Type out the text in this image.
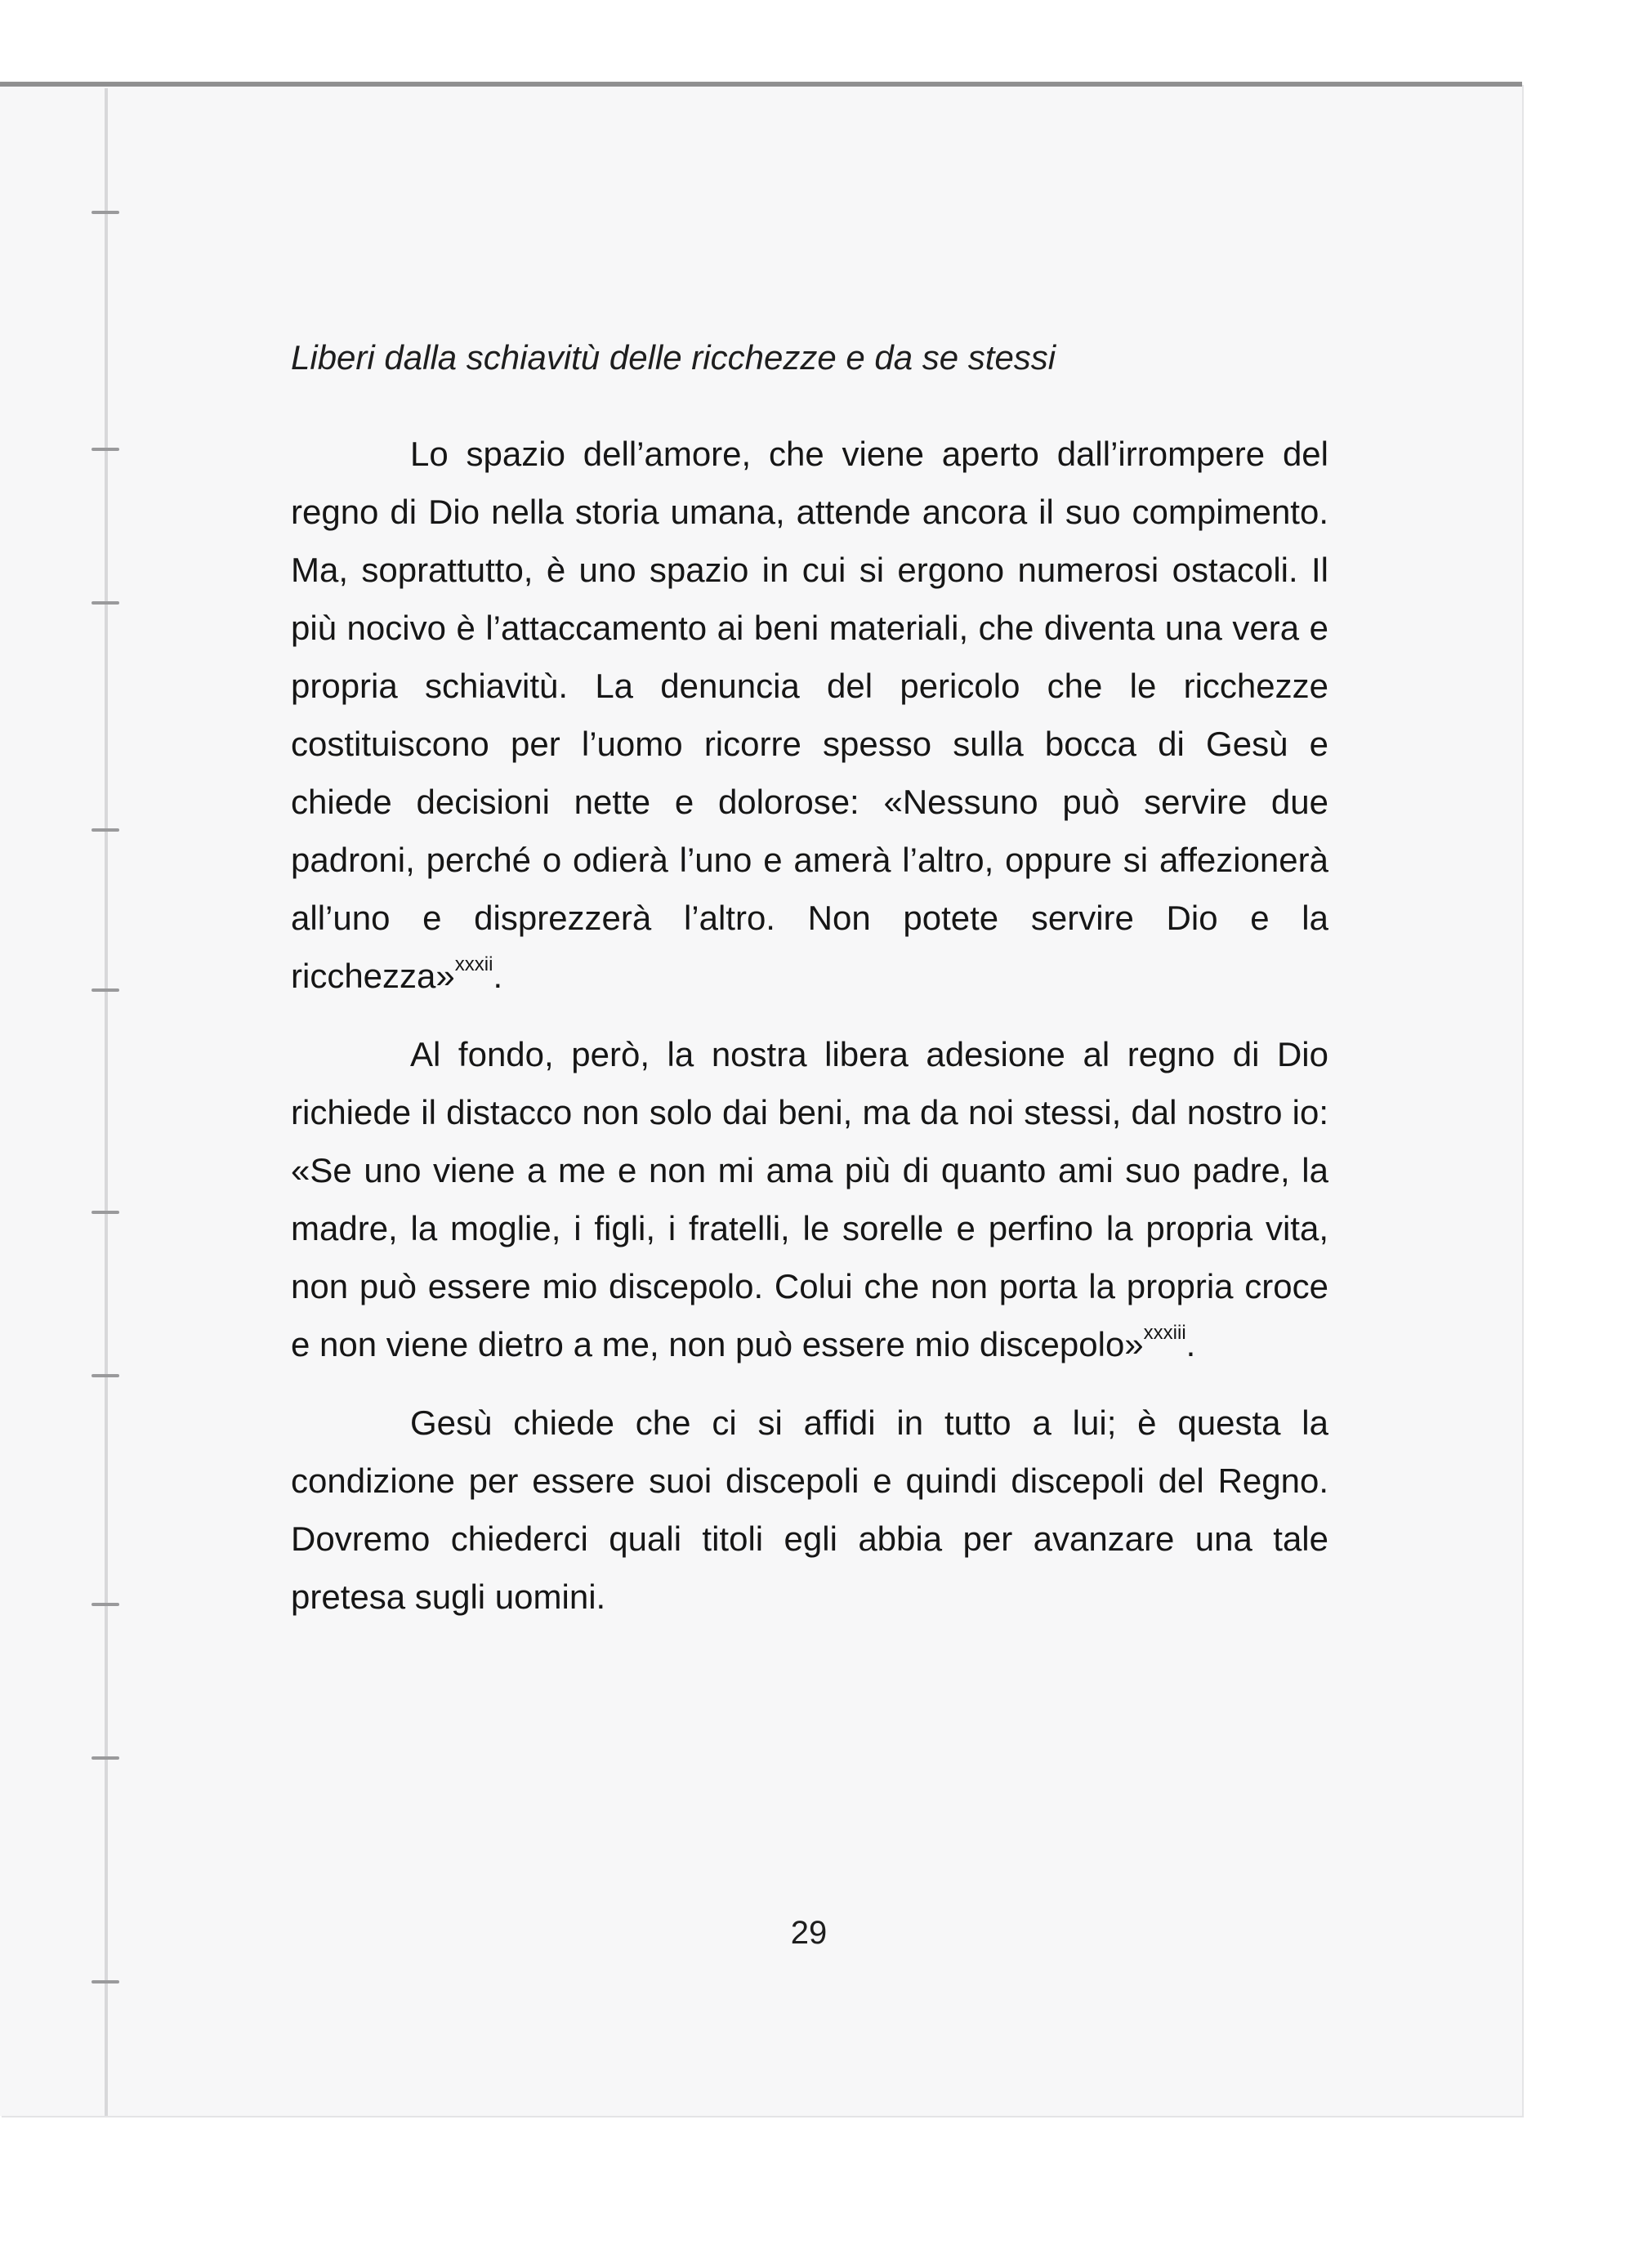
Liberi dalla schiavitù delle ricchezze e da se stessi

Lo spazio dell’amore, che viene aperto dall’irrompere del regno di Dio nella storia umana, attende ancora il suo compimento. Ma, soprattutto, è uno spazio in cui si ergono numerosi ostacoli. Il più nocivo è l’attaccamento ai beni materiali, che diventa una vera e propria schiavitù. La denuncia del pericolo che le ricchezze costituiscono per l’uomo ricorre spesso sulla bocca di Gesù e chiede decisioni nette e dolorose: «Nessuno può servire due padroni, perché o odierà l’uno e amerà l’altro, oppure si affezionerà all’uno e disprezzerà l’altro. Non potete servire Dio e la ricchezza»$^{xxxii}$.

Al fondo, però, la nostra libera adesione al regno di Dio richiede il distacco non solo dai beni, ma da noi stessi, dal nostro io: «Se uno viene a me e non mi ama più di quanto ami suo padre, la madre, la moglie, i figli, i fratelli, le sorelle e perfino la propria vita, non può essere mio discepolo. Colui che non porta la propria croce e non viene dietro a me, non può essere mio discepolo»$^{xxxiii}$.

Gesù chiede che ci si affidi in tutto a lui; è questa la condizione per essere suoi discepoli e quindi discepoli del Regno. Dovremo chiederci quali titoli egli abbia per avanzare una tale pretesa sugli uomini.

29
